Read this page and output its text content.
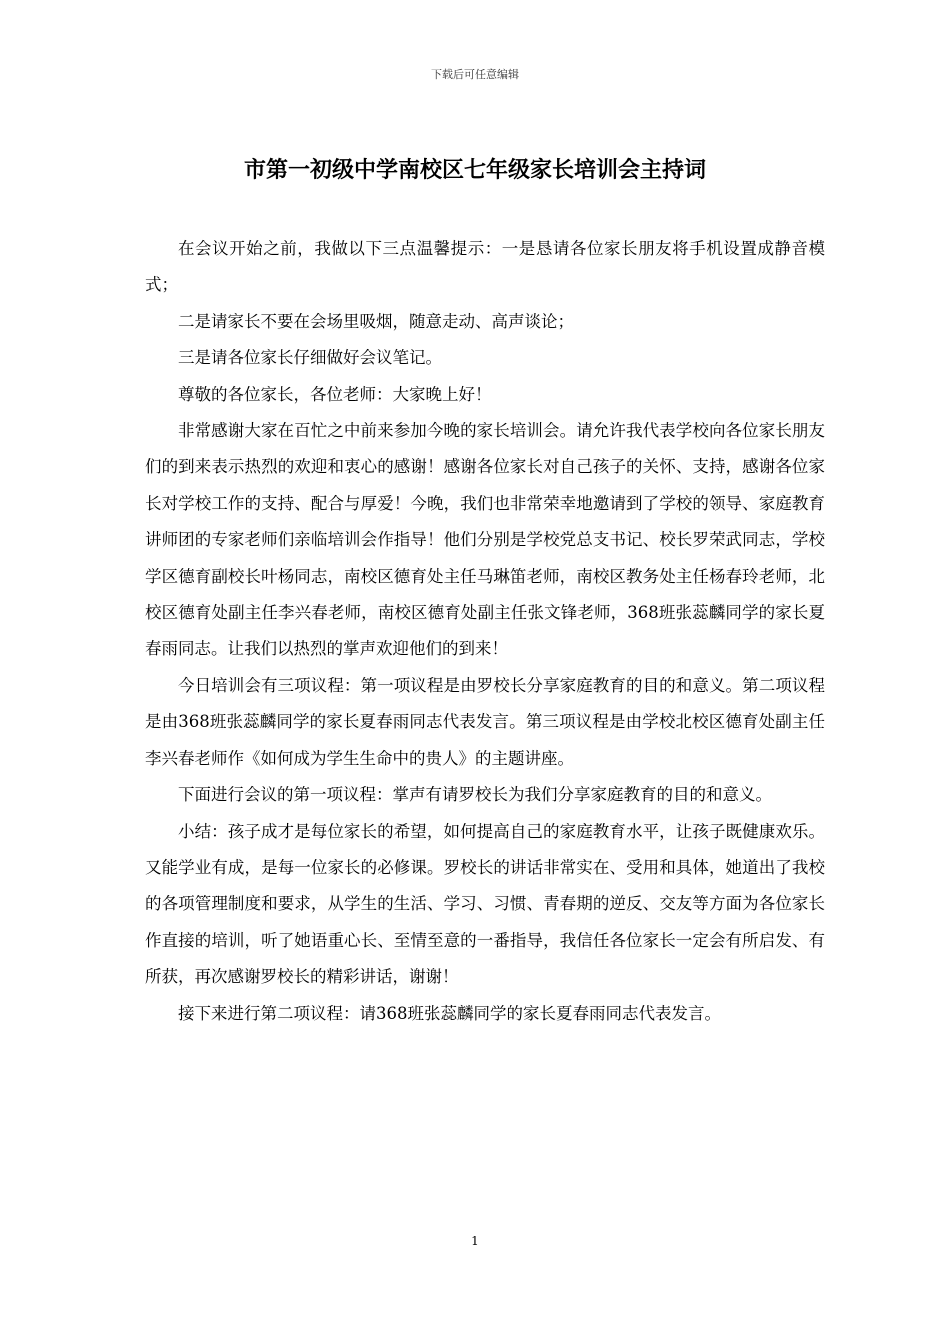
下载后可任意编辑
市第一初级中学南校区七年级家长培训会主持词

在会议开始之前，我做以下三点温馨提示：一是恳请各位家长朋友将手机设置成静音模式；

二是请家长不要在会场里吸烟，随意走动、高声谈论；

三是请各位家长仔细做好会议笔记。

尊敬的各位家长，各位老师：大家晚上好！

非常感谢大家在百忙之中前来参加今晚的家长培训会。请允许我代表学校向各位家长朋友们的到来表示热烈的欢迎和衷心的感谢！感谢各位家长对自己孩子的关怀、支持，感谢各位家长对学校工作的支持、配合与厚爱！今晚，我们也非常荣幸地邀请到了学校的领导、家庭教育讲师团的专家老师们亲临培训会作指导！他们分别是学校党总支书记、校长罗荣武同志，学校学区德育副校长叶杨同志，南校区德育处主任马琳笛老师，南校区教务处主任杨春玲老师，北校区德育处副主任李兴春老师，南校区德育处副主任张文锋老师，368班张蕊麟同学的家长夏春雨同志。让我们以热烈的掌声欢迎他们的到来！

今日培训会有三项议程：第一项议程是由罗校长分享家庭教育的目的和意义。第二项议程是由368班张蕊麟同学的家长夏春雨同志代表发言。第三项议程是由学校北校区德育处副主任李兴春老师作《如何成为学生生命中的贵人》的主题讲座。

下面进行会议的第一项议程：掌声有请罗校长为我们分享家庭教育的目的和意义。

小结：孩子成才是每位家长的希望，如何提高自己的家庭教育水平，让孩子既健康欢乐。又能学业有成，是每一位家长的必修课。罗校长的讲话非常实在、受用和具体，她道出了我校的各项管理制度和要求，从学生的生活、学习、习惯、青春期的逆反、交友等方面为各位家长作直接的培训，听了她语重心长、至情至意的一番指导，我信任各位家长一定会有所启发、有所获，再次感谢罗校长的精彩讲话，谢谢！

接下来进行第二项议程：请368班张蕊麟同学的家长夏春雨同志代表发言。

1
